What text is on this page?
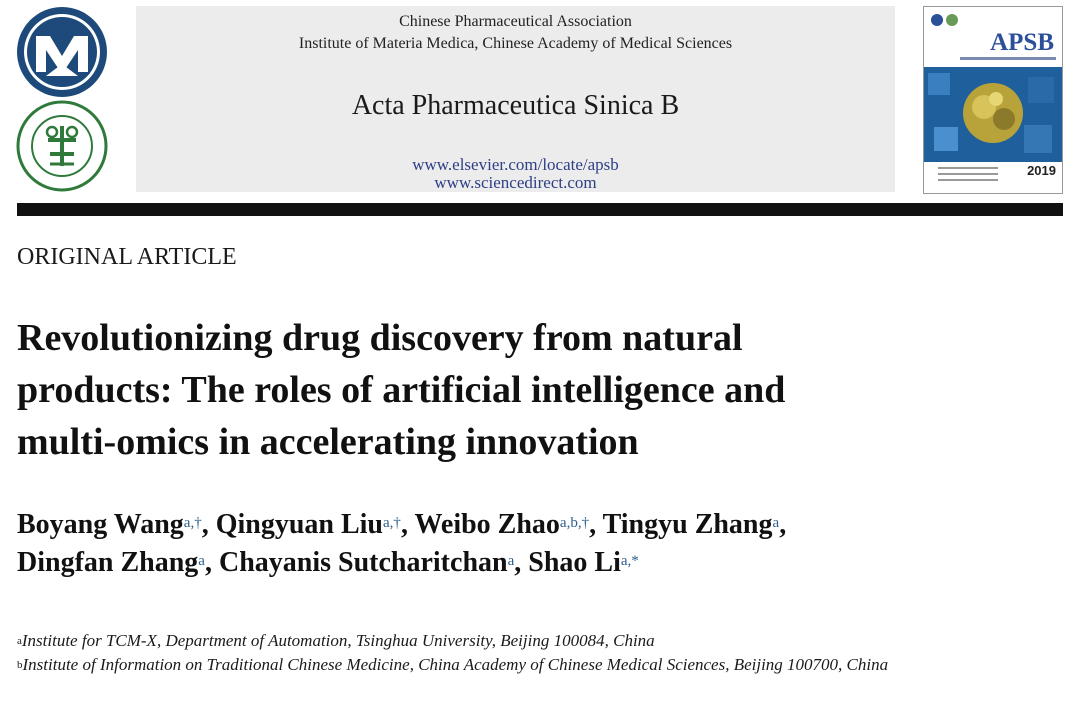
Chinese Pharmaceutical Association
Institute of Materia Medica, Chinese Academy of Medical Sciences
Acta Pharmaceutica Sinica B
www.elsevier.com/locate/apsb
www.sciencedirect.com
APSB
2019
ORIGINAL ARTICLE
Revolutionizing drug discovery from natural
products: The roles of artificial intelligence and
multi-omics in accelerating innovation
Boyang Wang$^{a,\dagger}$, Qingyuan Liu$^{a,\dagger}$, Weibo Zhao$^{a,b,\dagger}$, Tingyu Zhang$^a$,
Dingfan Zhang$^a$, Chayanis Sutcharitchan$^a$, Shao $Li^{a,*}$
$^a$Institute for TCM-X, Department of Automation, Tsinghua University, Beijing 100084, China
$^b$Institute of Information on Traditional Chinese Medicine, China Academy of Chinese Medical Sciences, Beijing 100700, China
